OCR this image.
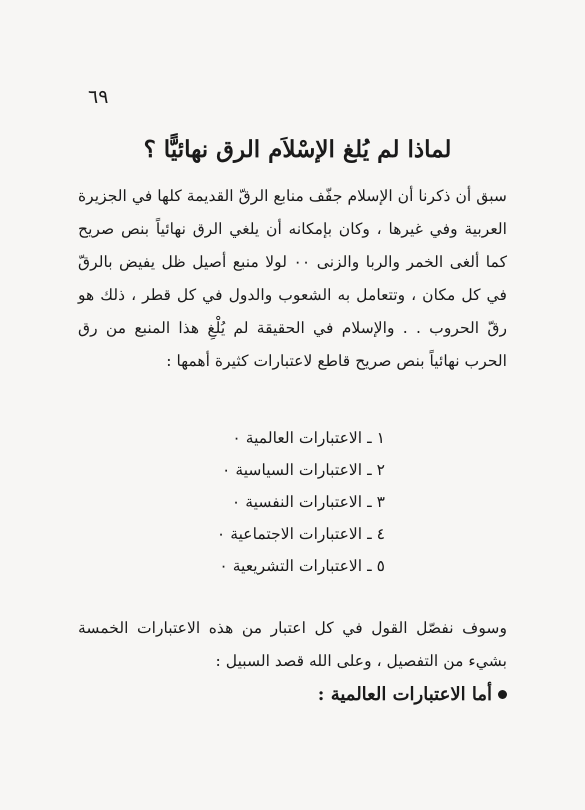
٦٩
لماذا لم يُلغ الإسْلاَم الرق نهائيًّا ؟

سبق أن ذكرنا أن الإسلام جفّف منابع الرقّ القديمة كلها في الجزيرة العربية وفي غيرها ، وكان بإمكانه أن يلغي الرق نهائياً بنص صريح كما ألغى الخمر والربا والزنى ۰۰ لولا منبع أصيل ظل يفيض بالرقّ في كل مكان ، وتتعامل به الشعوب والدول في كل قطر ، ذلك هو رقّ الحروب . . والإسلام في الحقيقة لم يُلْغِ هذا المنبع من رق الحرب نهائياً بنص صريح قاطع لاعتبارات كثيرة أهمها :

١ ـ الاعتبارات العالمية ۰
٢ ـ الاعتبارات السياسية ۰
٣ ـ الاعتبارات النفسية ۰
٤ ـ الاعتبارات الاجتماعية ۰
٥ ـ الاعتبارات التشريعية ۰

وسوف نفصّل القول في كل اعتبار من هذه الاعتبارات الخمسة بشيء من التفصيل ، وعلى الله قصد السبيل :

أما الاعتبارات العالمية :
